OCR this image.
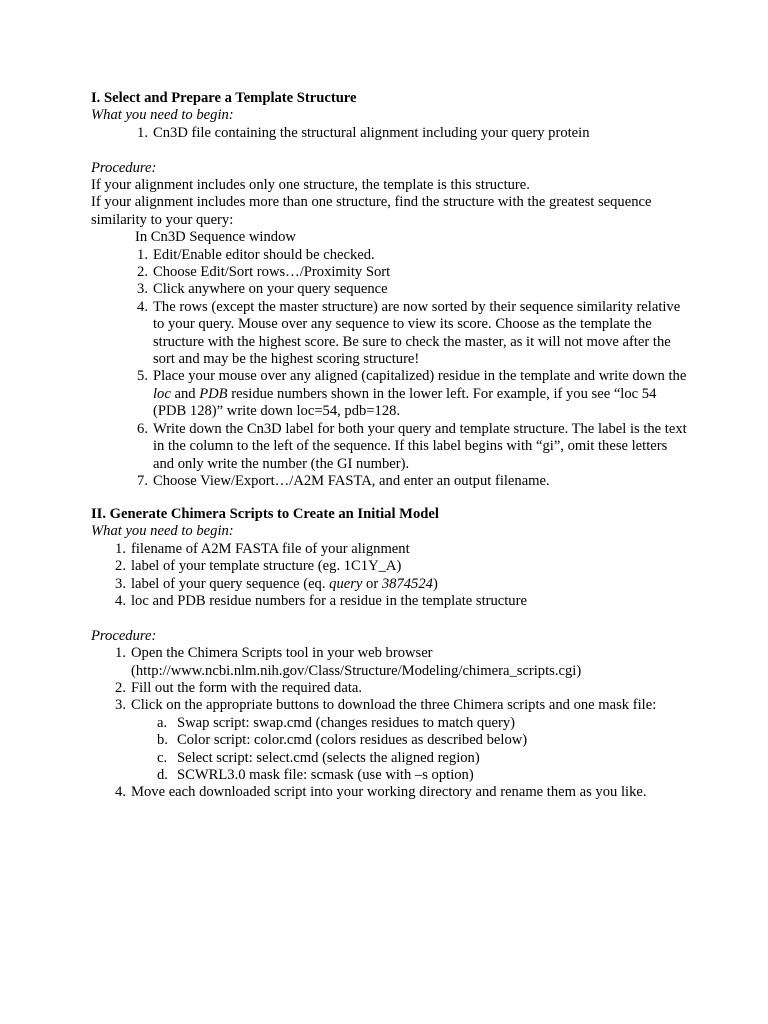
I. Select and Prepare a Template Structure
What you need to begin:
1. Cn3D file containing the structural alignment including your query protein
Procedure:
If your alignment includes only one structure, the template is this structure.
If your alignment includes more than one structure, find the structure with the greatest sequence similarity to your query:
In Cn3D Sequence window
1. Edit/Enable editor should be checked.
2. Choose Edit/Sort rows…/Proximity Sort
3. Click anywhere on your query sequence
4. The rows (except the master structure) are now sorted by their sequence similarity relative to your query. Mouse over any sequence to view its score. Choose as the template the structure with the highest score. Be sure to check the master, as it will not move after the sort and may be the highest scoring structure!
5. Place your mouse over any aligned (capitalized) residue in the template and write down the loc and PDB residue numbers shown in the lower left. For example, if you see “loc 54 (PDB 128)” write down loc=54, pdb=128.
6. Write down the Cn3D label for both your query and template structure. The label is the text in the column to the left of the sequence. If this label begins with “gi”, omit these letters and only write the number (the GI number).
7. Choose View/Export…/A2M FASTA, and enter an output filename.
II. Generate Chimera Scripts to Create an Initial Model
What you need to begin:
1. filename of A2M FASTA file of your alignment
2. label of your template structure (eg. 1C1Y_A)
3. label of your query sequence (eq. query or 3874524)
4. loc and PDB residue numbers for a residue in the template structure
Procedure:
1. Open the Chimera Scripts tool in your web browser
(http://www.ncbi.nlm.nih.gov/Class/Structure/Modeling/chimera_scripts.cgi)
2. Fill out the form with the required data.
3. Click on the appropriate buttons to download the three Chimera scripts and one mask file:
a. Swap script: swap.cmd (changes residues to match query)
b. Color script: color.cmd (colors residues as described below)
c. Select script: select.cmd (selects the aligned region)
d. SCWRL3.0 mask file: scmask (use with –s option)
4. Move each downloaded script into your working directory and rename them as you like.
